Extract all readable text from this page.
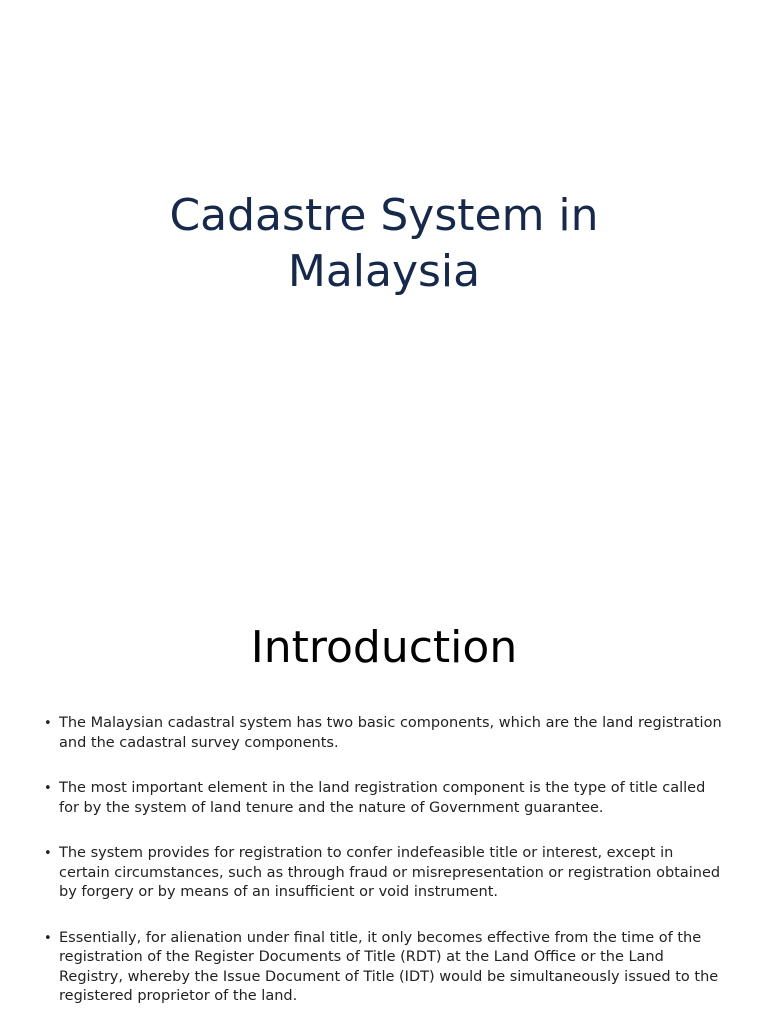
Cadastre System in
Malaysia
Introduction
• The Malaysian cadastral system has two basic components, which are the land registration and the cadastral survey components.
• The most important element in the land registration component is the type of title called for by the system of land tenure and the nature of Government guarantee.
• The system provides for registration to confer indefeasible title or interest, except in certain circumstances, such as through fraud or misrepresentation or registration obtained by forgery or by means of an insufficient or void instrument.
• Essentially, for alienation under final title, it only becomes effective from the time of the registration of the Register Documents of Title (RDT) at the Land Office or the Land Registry, whereby the Issue Document of Title (IDT) would be simultaneously issued to the registered proprietor of the land.
